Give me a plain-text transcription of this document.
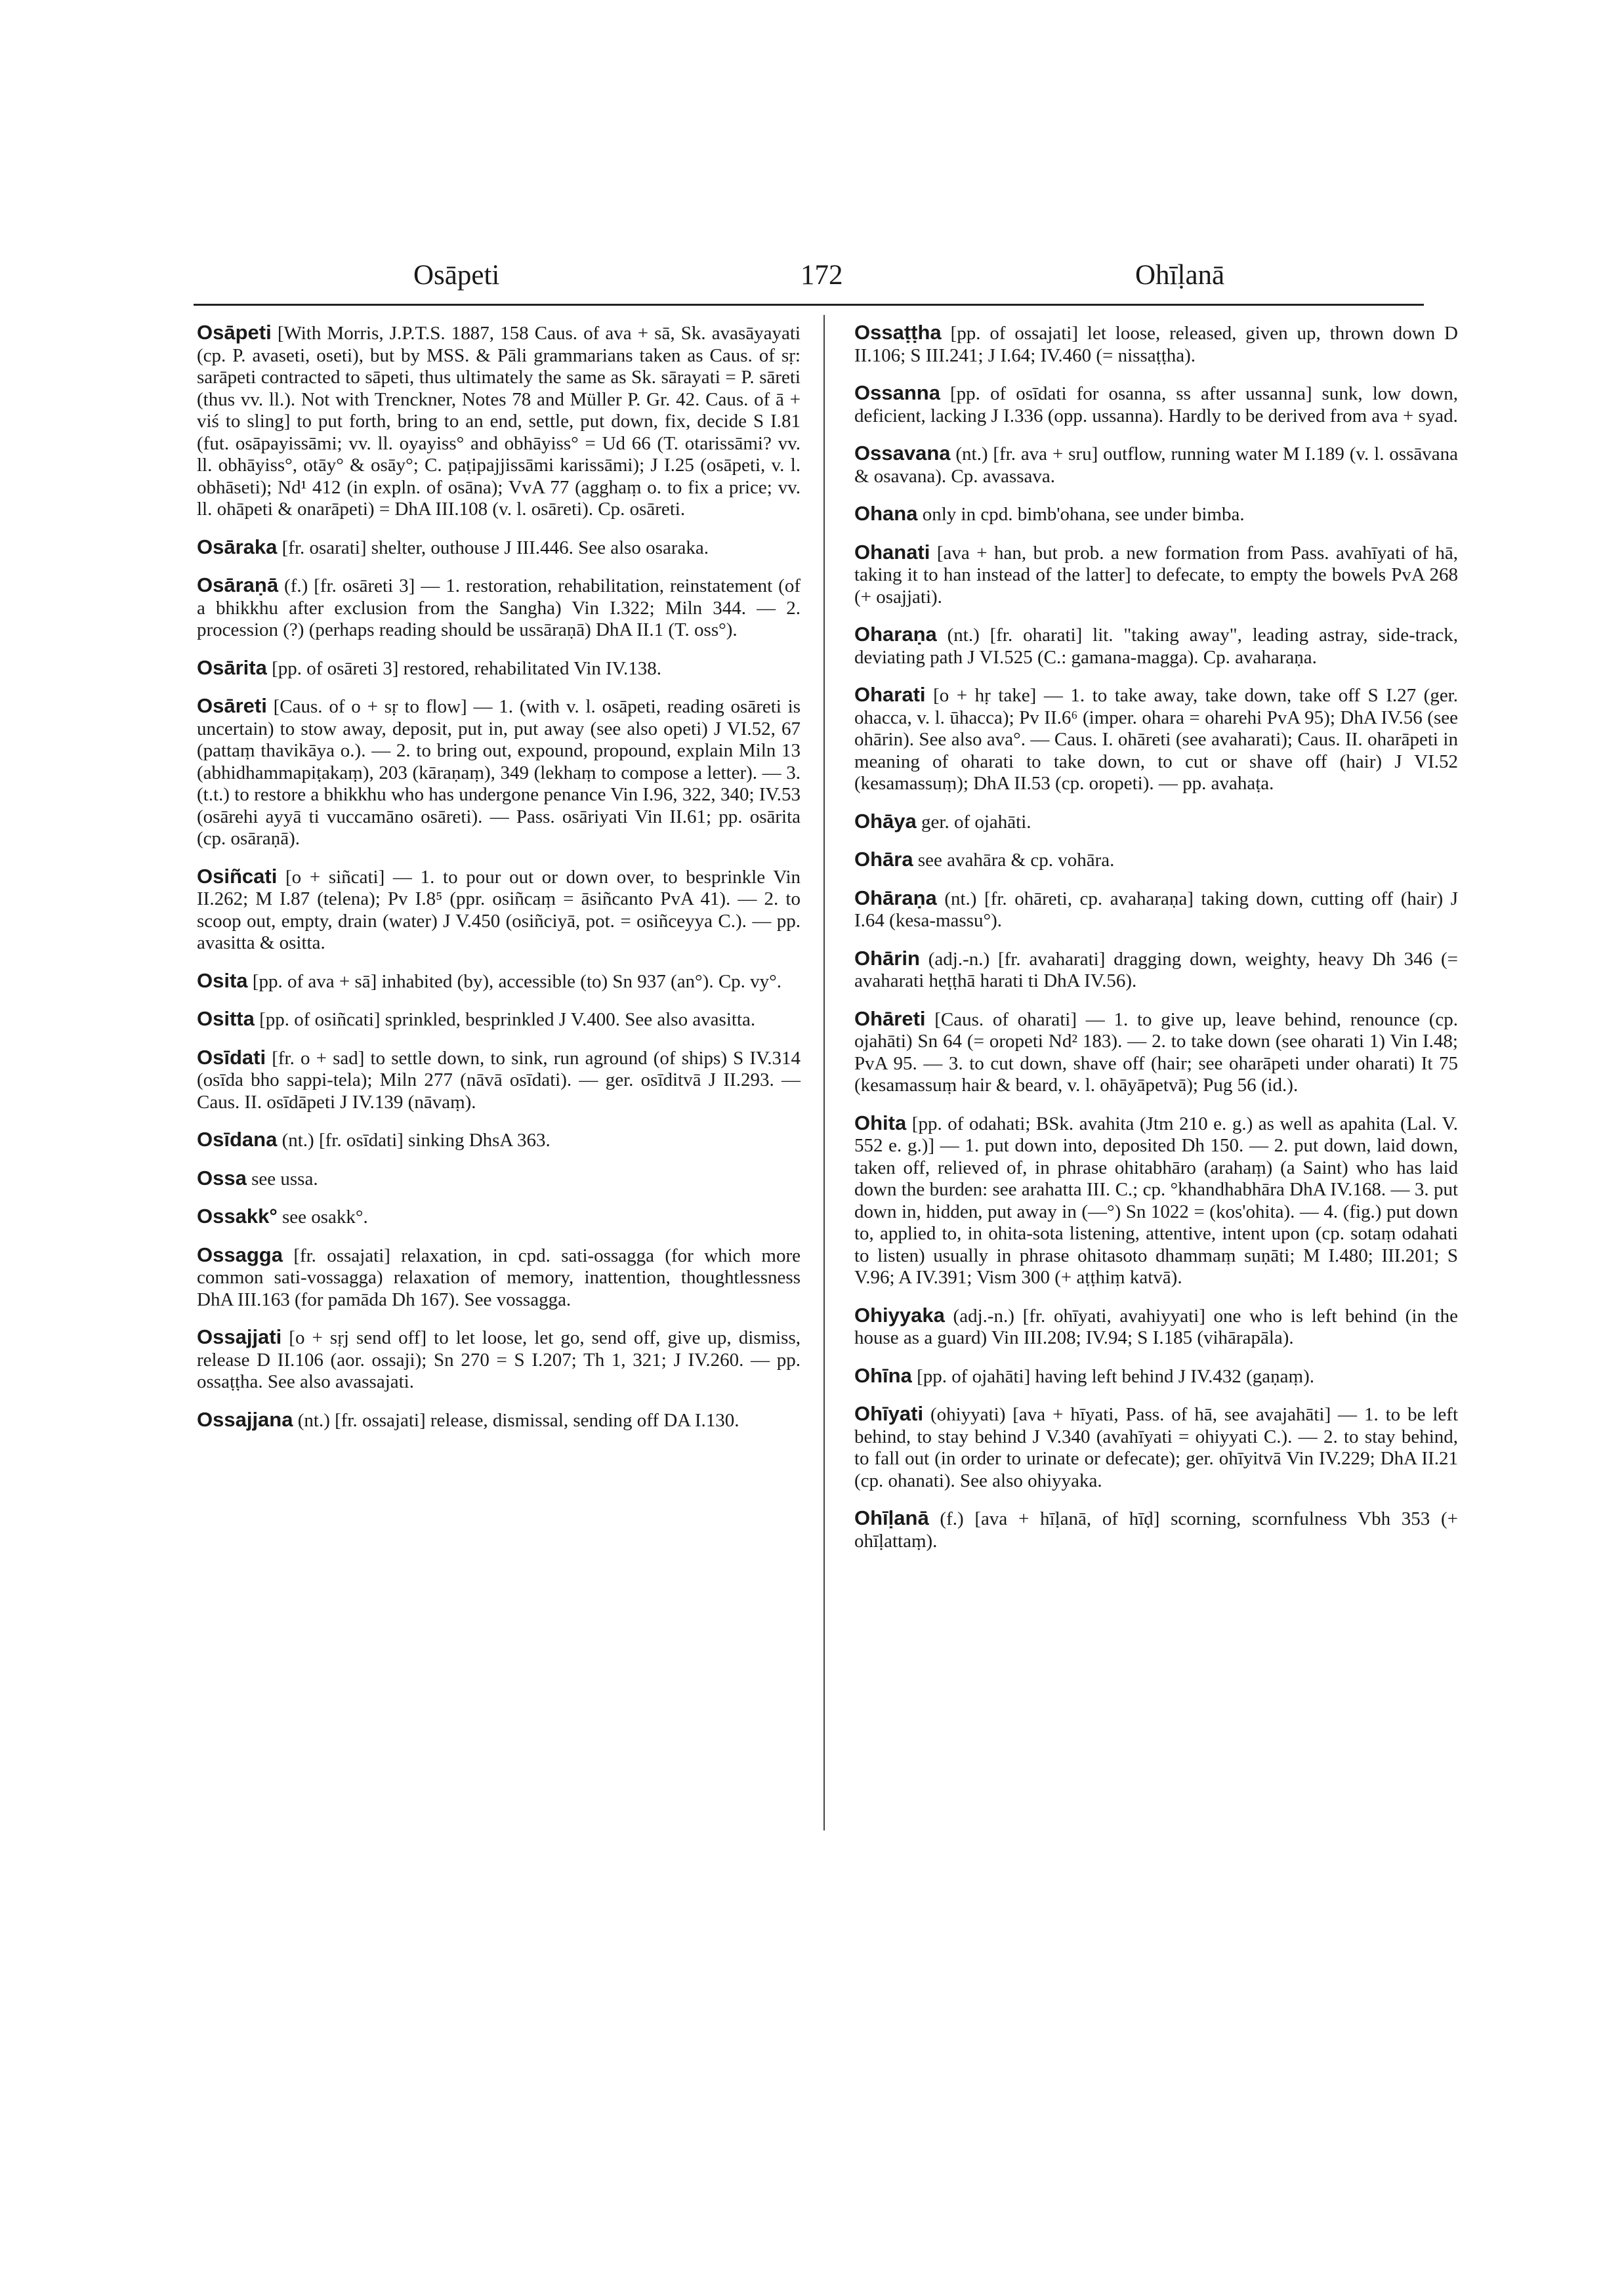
Osāpeti	172	Ohīḷanā

Osāpeti [With Morris, J.P.T.S. 1887, 158 Caus. of ava + sā, Sk. avasāyayati (cp. P. avaseti, oseti), but by MSS. & Pāli grammarians taken as Caus. of sṛ: sarāpeti contracted to sāpeti, thus ultimately the same as Sk. sārayati = P. sāreti (thus vv. ll.). Not with Trenckner, Notes 78 and Müller P. Gr. 42. Caus. of ā + viś to sling] to put forth, bring to an end, settle, put down, fix, decide S I.81 (fut. osāpayissāmi; vv. ll. oyayiss° and obhāyiss° = Ud 66 (T. otarissāmi? vv. ll. obhāyiss°, otāy° & osāy°; C. paṭipajjissāmi karissāmi); J I.25 (osāpeti, v. l. obhāseti); Nd¹ 412 (in expln. of osāna); VvA 77 (agghaṃ o. to fix a price; vv. ll. ohāpeti & onarāpeti) = DhA III.108 (v. l. osāreti). Cp. osāreti.

Osāraka [fr. osarati] shelter, outhouse J III.446. See also osaraka.

Osāraṇā (f.) [fr. osāreti 3] — 1. restoration, rehabilitation, reinstatement (of a bhikkhu after exclusion from the Sangha) Vin I.322; Miln 344. — 2. procession (?) (perhaps reading should be ussāraṇā) DhA II.1 (T. oss°).

Osārita [pp. of osāreti 3] restored, rehabilitated Vin IV.138.

Osāreti [Caus. of o + sṛ to flow] — 1. (with v. l. osāpeti, reading osāreti is uncertain) to stow away, deposit, put in, put away (see also opeti) J VI.52, 67 (pattaṃ thavikāya o.). — 2. to bring out, expound, propound, explain Miln 13 (abhidhammapiṭakaṃ), 203 (kāraṇaṃ), 349 (lekhaṃ to compose a letter). — 3. (t.t.) to restore a bhikkhu who has undergone penance Vin I.96, 322, 340; IV.53 (osārehi ayyā ti vuccamāno osāreti). — Pass. osāriyati Vin II.61; pp. osārita (cp. osāraṇā).

Osiñcati [o + siñcati] — 1. to pour out or down over, to besprinkle Vin II.262; M I.87 (telena); Pv I.8⁵ (ppr. osiñcaṃ = āsiñcanto PvA 41). — 2. to scoop out, empty, drain (water) J V.450 (osiñciyā, pot. = osiñceyya C.). — pp. avasitta & ositta.

Osita [pp. of ava + sā] inhabited (by), accessible (to) Sn 937 (an°). Cp. vy°.

Ositta [pp. of osiñcati] sprinkled, besprinkled J V.400. See also avasitta.

Osīdati [fr. o + sad] to settle down, to sink, run aground (of ships) S IV.314 (osīda bho sappi-tela); Miln 277 (nāvā osīdati). — ger. osīditvā J II.293. — Caus. II. osīdāpeti J IV.139 (nāvaṃ).

Osīdana (nt.) [fr. osīdati] sinking DhsA 363.

Ossa see ussa.

Ossakk° see osakk°.

Ossagga [fr. ossajati] relaxation, in cpd. sati-ossagga (for which more common sati-vossagga) relaxation of memory, inattention, thoughtlessness DhA III.163 (for pamāda Dh 167). See vossagga.

Ossajjati [o + sṛj send off] to let loose, let go, send off, give up, dismiss, release D II.106 (aor. ossaji); Sn 270 = S I.207; Th 1, 321; J IV.260. — pp. ossaṭṭha. See also avassajati.

Ossajjana (nt.) [fr. ossajati] release, dismissal, sending off DA I.130.

Ossaṭṭha [pp. of ossajati] let loose, released, given up, thrown down D II.106; S III.241; J I.64; IV.460 (= nissaṭṭha).

Ossanna [pp. of osīdati for osanna, ss after ussanna] sunk, low down, deficient, lacking J I.336 (opp. ussanna). Hardly to be derived from ava + syad.

Ossavana (nt.) [fr. ava + sru] outflow, running water M I.189 (v. l. ossāvana & osavana). Cp. avassava.

Ohana only in cpd. bimb'ohana, see under bimba.

Ohanati [ava + han, but prob. a new formation from Pass. avahīyati of hā, taking it to han instead of the latter] to defecate, to empty the bowels PvA 268 (+ osajjati).

Oharaṇa (nt.) [fr. oharati] lit. "taking away", leading astray, side-track, deviating path J VI.525 (C.: gamana-magga). Cp. avaharaṇa.

Oharati [o + hṛ take] — 1. to take away, take down, take off S I.27 (ger. ohacca, v. l. ūhacca); Pv II.6⁶ (imper. ohara = oharehi PvA 95); DhA IV.56 (see ohārin). See also ava°. — Caus. I. ohāreti (see avaharati); Caus. II. oharāpeti in meaning of oharati to take down, to cut or shave off (hair) J VI.52 (kesamassuṃ); DhA II.53 (cp. oropeti). — pp. avahaṭa.

Ohāya ger. of ojahāti.

Ohāra see avahāra & cp. vohāra.

Ohāraṇa (nt.) [fr. ohāreti, cp. avaharaṇa] taking down, cutting off (hair) J I.64 (kesa-massu°).

Ohārin (adj.-n.) [fr. avaharati] dragging down, weighty, heavy Dh 346 (= avaharati heṭṭhā harati ti DhA IV.56).

Ohāreti [Caus. of oharati] — 1. to give up, leave behind, renounce (cp. ojahāti) Sn 64 (= oropeti Nd² 183). — 2. to take down (see oharati 1) Vin I.48; PvA 95. — 3. to cut down, shave off (hair; see oharāpeti under oharati) It 75 (kesamassuṃ hair & beard, v. l. ohāyāpetvā); Pug 56 (id.).

Ohita [pp. of odahati; BSk. avahita (Jtm 210 e. g.) as well as apahita (Lal. V. 552 e. g.)] — 1. put down into, deposited Dh 150. — 2. put down, laid down, taken off, relieved of, in phrase ohitabhāro (arahaṃ) (a Saint) who has laid down the burden: see arahatta III. C.; cp. °khandhabhāra DhA IV.168. — 3. put down in, hidden, put away in (—°) Sn 1022 = (kos'ohita). — 4. (fig.) put down to, applied to, in ohita-sota listening, attentive, intent upon (cp. sotaṃ odahati to listen) usually in phrase ohitasoto dhammaṃ suṇāti; M I.480; III.201; S V.96; A IV.391; Vism 300 (+ aṭṭhiṃ katvā).

Ohiyyaka (adj.-n.) [fr. ohīyati, avahiyyati] one who is left behind (in the house as a guard) Vin III.208; IV.94; S I.185 (vihārapāla).

Ohīna [pp. of ojahāti] having left behind J IV.432 (gaṇaṃ).

Ohīyati (ohiyyati) [ava + hīyati, Pass. of hā, see avajahāti] — 1. to be left behind, to stay behind J V.340 (avahīyati = ohiyyati C.). — 2. to stay behind, to fall out (in order to urinate or defecate); ger. ohīyitvā Vin IV.229; DhA II.21 (cp. ohanati). See also ohiyyaka.

Ohīḷanā (f.) [ava + hīḷanā, of hīḍ] scorning, scornfulness Vbh 353 (+ ohīḷattaṃ).
